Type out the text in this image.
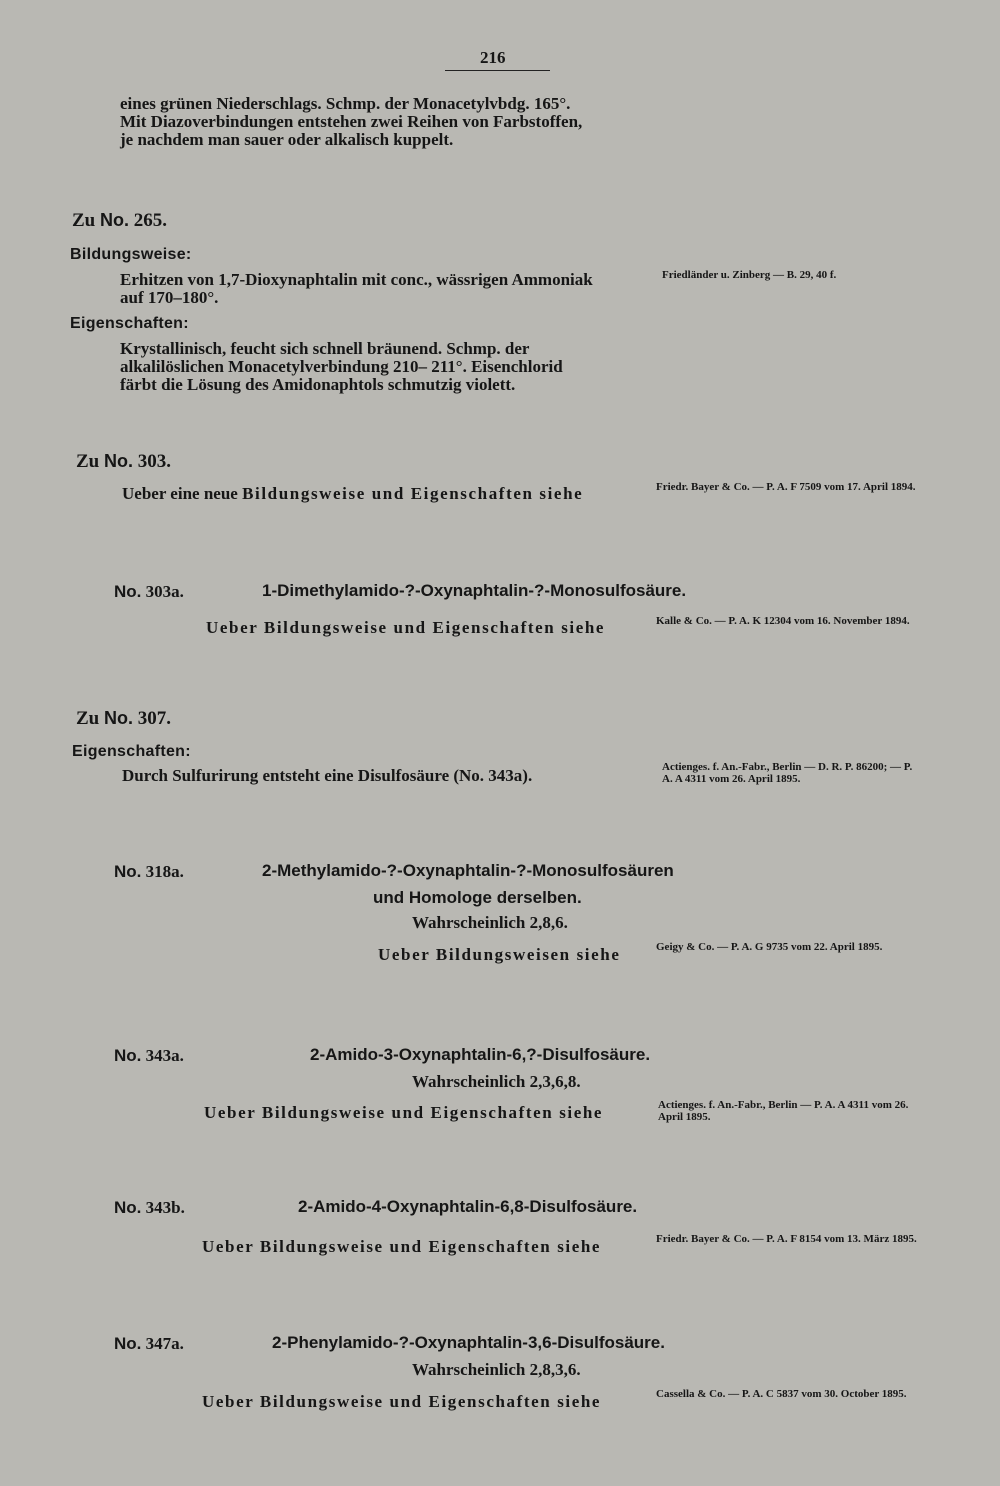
216
eines grünen Niederschlags. Schmp. der Monacetylvbdg. 165°.
Mit Diazoverbindungen entstehen zwei Reihen von Farbstoffen,
je nachdem man sauer oder alkalisch kuppelt.
Zu No. 265.
Bildungsweise:
Erhitzen von 1,7-Dioxynaphtalin mit conc., wässrigen Ammoniak
auf 170–180°.
Friedländer u. Zinberg — B. 29, 40 f.
Eigenschaften:
Krystallinisch, feucht sich schnell bräunend. Schmp. der
alkalilöslichen Monacetylverbindung 210– 211°. Eisenchlorid
färbt die Lösung des Amidonaphtols schmutzig violett.
Zu No. 303.
Ueber eine neue Bildungsweise und Eigenschaften siehe	Friedr. Bayer & Co. — P. A. F 7509 vom 17. April 1894.
No. 303a.	1-Dimethylamido-?-Oxynaphtalin-?-Monosulfosäure.
Ueber Bildungsweise und Eigenschaften siehe	Kalle & Co. — P. A. K 12304 vom 16. November 1894.
Zu No. 307.
Eigenschaften:
Durch Sulfurirung entsteht eine Disulfosäure (No. 343a).	Actienges. f. An.-Fabr., Berlin — D. R. P. 86200; — P. A. A 4311 vom 26. April 1895.
No. 318a.	2-Methylamido-?-Oxynaphtalin-?-Monosulfosäuren
und Homologe derselben.
Wahrscheinlich 2,8,6.
Ueber Bildungsweisen siehe	Geigy & Co. — P. A. G 9735 vom 22. April 1895.
No. 343a.	2-Amido-3-Oxynaphtalin-6,?-Disulfosäure.
Wahrscheinlich 2,3,6,8.
Ueber Bildungsweise und Eigenschaften siehe	Actienges. f. An.-Fabr., Berlin — P. A. A 4311 vom 26. April 1895.
No. 343b.	2-Amido-4-Oxynaphtalin-6,8-Disulfosäure.
Ueber Bildungsweise und Eigenschaften siehe	Friedr. Bayer & Co. — P. A. F 8154 vom 13. März 1895.
No. 347a.	2-Phenylamido-?-Oxynaphtalin-3,6-Disulfosäure.
Wahrscheinlich 2,8,3,6.
Ueber Bildungsweise und Eigenschaften siehe	Cassella & Co. — P. A. C 5837 vom 30. October 1895.
